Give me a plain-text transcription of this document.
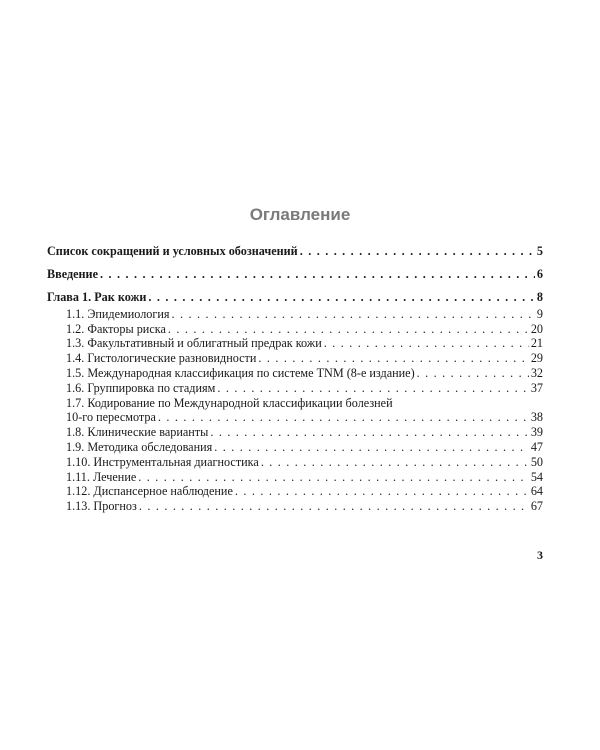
Оглавление
Список сокращений и условных обозначений . . .	5
Введение . . .	6
Глава 1. Рак кожи . . .	8
1.1. Эпидемиология . . .	9
1.2. Факторы риска . . .	20
1.3. Факультативный и облигатный предрак кожи . . .	21
1.4. Гистологические разновидности . . .	29
1.5. Международная классификация по системе TNM (8-е издание) . . .	32
1.6. Группировка по стадиям . . .	37
1.7. Кодирование по Международной классификации болезней
10-го пересмотра . . .	38
1.8. Клинические варианты . . .	39
1.9. Методика обследования . . .	47
1.10. Инструментальная диагностика . . .	50
1.11. Лечение . . .	54
1.12. Диспансерное наблюдение . . .	64
1.13. Прогноз . . .	67
3
